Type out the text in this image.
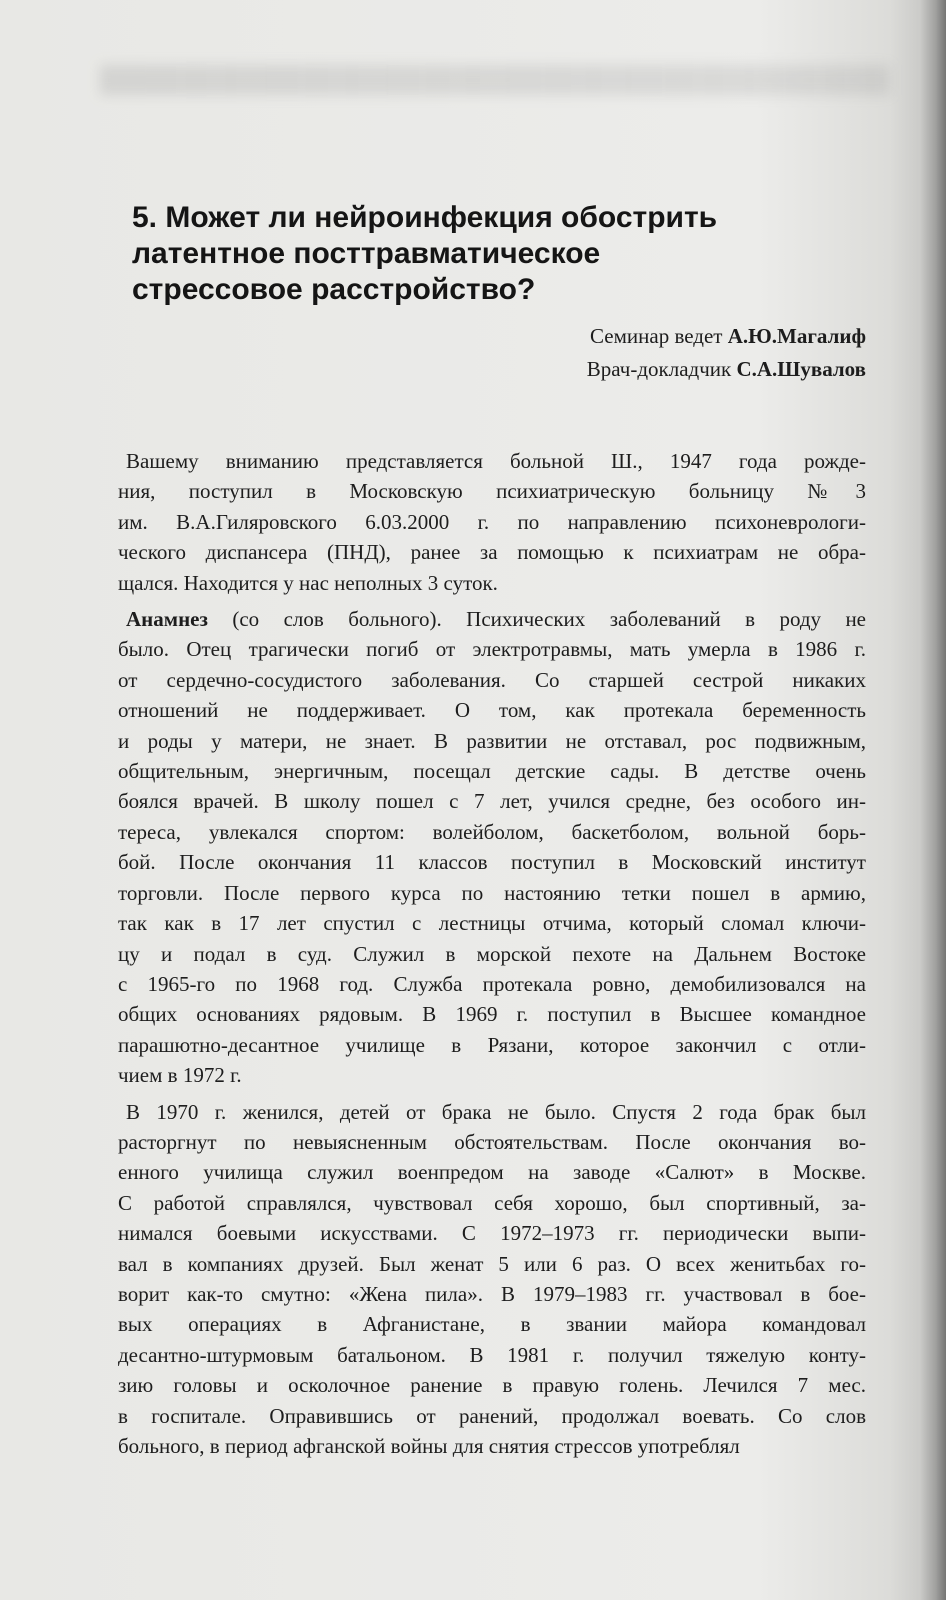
5. Может ли нейроинфекция обострить
латентное посттравматическое
стрессовое расстройство?
Семинар ведет А.Ю.Магалиф
Врач-докладчик С.А.Шувалов

Вашему вниманию представляется больной Ш., 1947 года рожде-
ния, поступил в Московскую психиатрическую больницу №3
им. В.А.Гиляровского 6.03.2000 г. по направлению психоневрологи-
ческого диспансера (ПНД), ранее за помощью к психиатрам не обра-
щался. Находится у нас неполных 3 суток.

Анамнез (со слов больного). Психических заболеваний в роду не
было. Отец трагически погиб от электротравмы, мать умерла в 1986 г.
от сердечно-сосудистого заболевания. Со старшей сестрой никаких
отношений не поддерживает. О том, как протекала беременность
и роды у матери, не знает. В развитии не отставал, рос подвижным,
общительным, энергичным, посещал детские сады. В детстве очень
боялся врачей. В школу пошел с 7 лет, учился средне, без особого ин-
тереса, увлекался спортом: волейболом, баскетболом, вольной борь-
бой. После окончания 11 классов поступил в Московский институт
торговли. После первого курса по настоянию тетки пошел в армию,
так как в 17 лет спустил с лестницы отчима, который сломал ключи-
цу и подал в суд. Служил в морской пехоте на Дальнем Востоке
с 1965-го по 1968 год. Служба протекала ровно, демобилизовался на
общих основаниях рядовым. В 1969 г. поступил в Высшее командное
парашютно-десантное училище в Рязани, которое закончил с отли-
чием в 1972 г.

В 1970 г. женился, детей от брака не было. Спустя 2 года брак был
расторгнут по невыясненным обстоятельствам. После окончания во-
енного училища служил военпредом на заводе «Салют» в Москве.
С работой справлялся, чувствовал себя хорошо, был спортивный, за-
нимался боевыми искусствами. С 1972–1973 гг. периодически выпи-
вал в компаниях друзей. Был женат 5 или 6 раз. О всех женитьбах го-
ворит как-то смутно: «Жена пила». В 1979–1983 гг. участвовал в бое-
вых операциях в Афганистане, в звании майора командовал
десантно-штурмовым батальоном. В 1981 г. получил тяжелую конту-
зию головы и осколочное ранение в правую голень. Лечился 7 мес.
в госпитале. Оправившись от ранений, продолжал воевать. Со слов
больного, в период афганской войны для снятия стрессов употреблял
